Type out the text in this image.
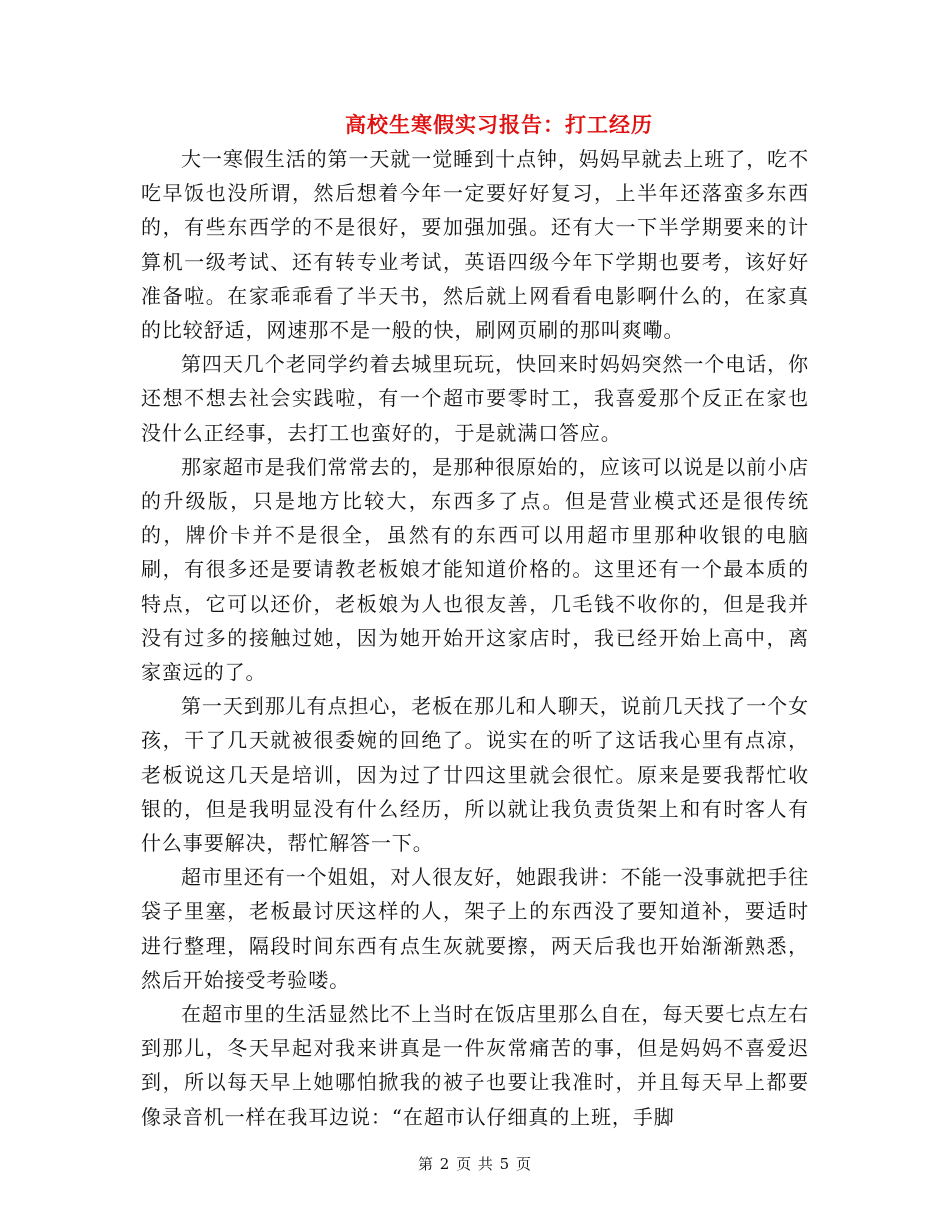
高校生寒假实习报告：打工经历

大一寒假生活的第一天就一觉睡到十点钟，妈妈早就去上班了，吃不吃早饭也没所谓，然后想着今年一定要好好复习，上半年还落蛮多东西的，有些东西学的不是很好，要加强加强。还有大一下半学期要来的计算机一级考试、还有转专业考试，英语四级今年下学期也要考，该好好准备啦。在家乖乖看了半天书，然后就上网看看电影啊什么的，在家真的比较舒适，网速那不是一般的快，刷网页刷的那叫爽嘞。

第四天几个老同学约着去城里玩玩，快回来时妈妈突然一个电话，你还想不想去社会实践啦，有一个超市要零时工，我喜爱那个反正在家也没什么正经事，去打工也蛮好的，于是就满口答应。

那家超市是我们常常去的，是那种很原始的，应该可以说是以前小店的升级版，只是地方比较大，东西多了点。但是营业模式还是很传统的，牌价卡并不是很全，虽然有的东西可以用超市里那种收银的电脑刷，有很多还是要请教老板娘才能知道价格的。这里还有一个最本质的特点，它可以还价，老板娘为人也很友善，几毛钱不收你的，但是我并没有过多的接触过她，因为她开始开这家店时，我已经开始上高中，离家蛮远的了。

第一天到那儿有点担心，老板在那儿和人聊天，说前几天找了一个女孩，干了几天就被很委婉的回绝了。说实在的听了这话我心里有点凉，老板说这几天是培训，因为过了廿四这里就会很忙。原来是要我帮忙收银的，但是我明显没有什么经历，所以就让我负责货架上和有时客人有什么事要解决，帮忙解答一下。

超市里还有一个姐姐，对人很友好，她跟我讲：不能一没事就把手往袋子里塞，老板最讨厌这样的人，架子上的东西没了要知道补，要适时进行整理，隔段时间东西有点生灰就要擦，两天后我也开始渐渐熟悉，然后开始接受考验喽。

在超市里的生活显然比不上当时在饭店里那么自在，每天要七点左右到那儿，冬天早起对我来讲真是一件灰常痛苦的事，但是妈妈不喜爱迟到，所以每天早上她哪怕掀我的被子也要让我准时，并且每天早上都要像录音机一样在我耳边说：“在超市认仔细真的上班，手脚

第 2 页 共 5 页
